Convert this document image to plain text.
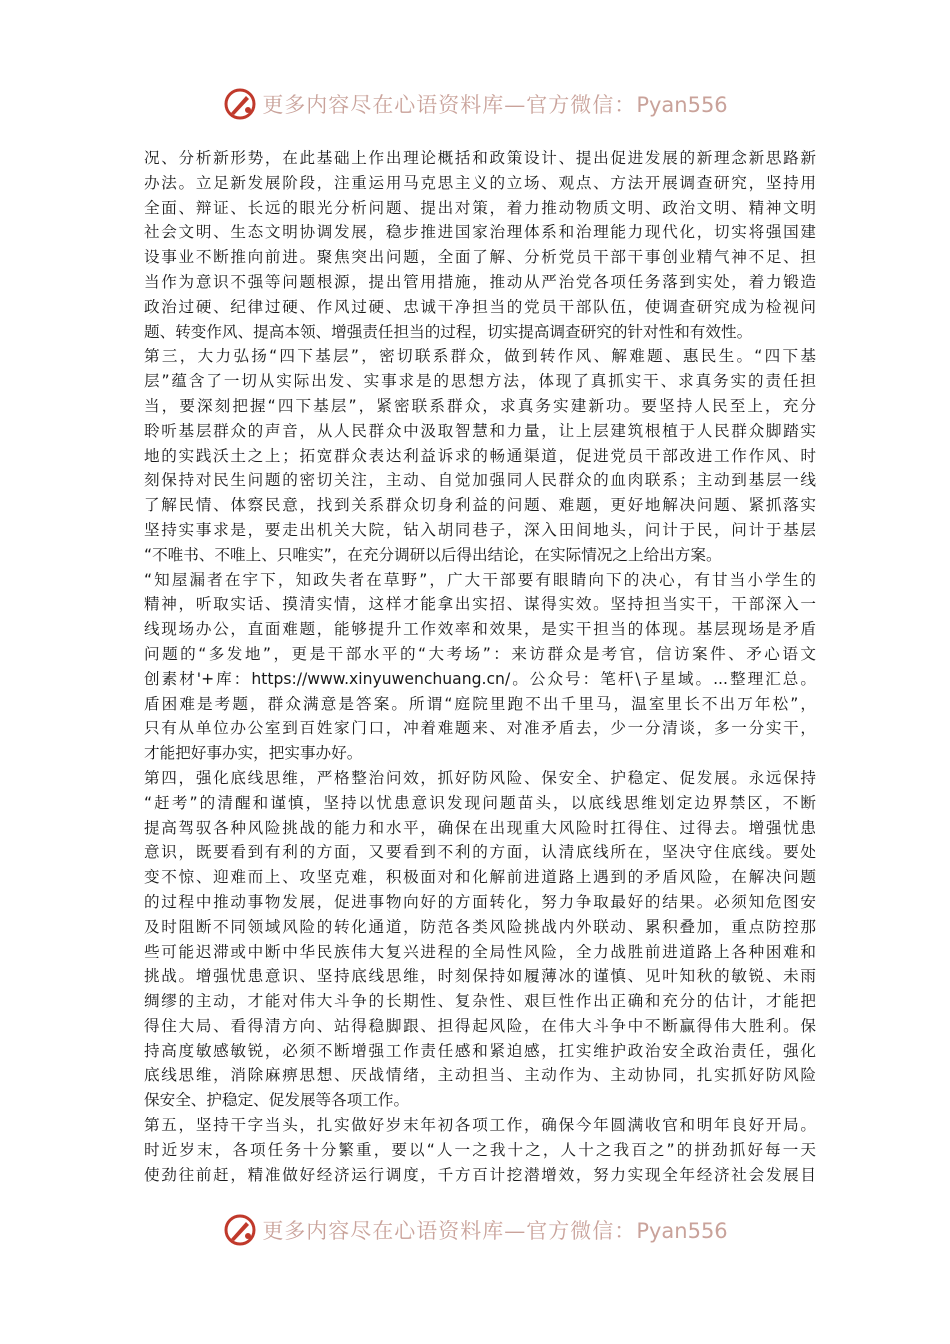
更多内容尽在心语资料库—官方微信：Pyan556
况、分析新形势，在此基础上作出理论概括和政策设计、提出促进发展的新理念新思路新
办法。立足新发展阶段，注重运用马克思主义的立场、观点、方法开展调查研究，坚持用
全面、辩证、长远的眼光分析问题、提出对策，着力推动物质文明、政治文明、精神文明
社会文明、生态文明协调发展，稳步推进国家治理体系和治理能力现代化，切实将强国建
设事业不断推向前进。聚焦突出问题，全面了解、分析党员干部干事创业精气神不足、担
当作为意识不强等问题根源，提出管用措施，推动从严治党各项任务落到实处，着力锻造
政治过硬、纪律过硬、作风过硬、忠诚干净担当的党员干部队伍，使调查研究成为检视问
题、转变作风、提高本领、增强责任担当的过程，切实提高调查研究的针对性和有效性。
第三，大力弘扬“四下基层”，密切联系群众，做到转作风、解难题、惠民生。“四下基
层”蕴含了一切从实际出发、实事求是的思想方法，体现了真抓实干、求真务实的责任担
当，要深刻把握“四下基层”，紧密联系群众，求真务实建新功。要坚持人民至上，充分
聆听基层群众的声音，从人民群众中汲取智慧和力量，让上层建筑根植于人民群众脚踏实
地的实践沃土之上；拓宽群众表达利益诉求的畅通渠道，促进党员干部改进工作作风、时
刻保持对民生问题的密切关注，主动、自觉加强同人民群众的血肉联系；主动到基层一线
了解民情、体察民意，找到关系群众切身利益的问题、难题，更好地解决问题、紧抓落实
坚持实事求是，要走出机关大院，钻入胡同巷子，深入田间地头，问计于民，问计于基层
“不唯书、不唯上、只唯实”，在充分调研以后得出结论，在实际情况之上给出方案。
“知屋漏者在宇下，知政失者在草野”，广大干部要有眼睛向下的决心，有甘当小学生的
精神，听取实话、摸清实情，这样才能拿出实招、谋得实效。坚持担当实干，干部深入一
线现场办公，直面难题，能够提升工作效率和效果，是实干担当的体现。基层现场是矛盾
问题的“多发地”，更是干部水平的“大考场”：来访群众是考官，信访案件、矛心语文
创素材'+库：https://www.xinyuwenchuang.cn/。公众号：笔杆\子星域。...整理汇总。
盾困难是考题，群众满意是答案。所谓“庭院里跑不出千里马，温室里长不出万年松”，
只有从单位办公室到百姓家门口，冲着难题来、对准矛盾去，少一分清谈，多一分实干，
才能把好事办实，把实事办好。
第四，强化底线思维，严格整治问效，抓好防风险、保安全、护稳定、促发展。永远保持
“赶考”的清醒和谨慎，坚持以忧患意识发现问题苗头，以底线思维划定边界禁区，不断
提高驾驭各种风险挑战的能力和水平，确保在出现重大风险时扛得住、过得去。增强忧患
意识，既要看到有利的方面，又要看到不利的方面，认清底线所在，坚决守住底线。要处
变不惊、迎难而上、攻坚克难，积极面对和化解前进道路上遇到的矛盾风险，在解决问题
的过程中推动事物发展，促进事物向好的方面转化，努力争取最好的结果。必须知危图安
及时阻断不同领域风险的转化通道，防范各类风险挑战内外联动、累积叠加，重点防控那
些可能迟滞或中断中华民族伟大复兴进程的全局性风险，全力战胜前进道路上各种困难和
挑战。增强忧患意识、坚持底线思维，时刻保持如履薄冰的谨慎、见叶知秋的敏锐、未雨
绸缪的主动，才能对伟大斗争的长期性、复杂性、艰巨性作出正确和充分的估计，才能把
得住大局、看得清方向、站得稳脚跟、担得起风险，在伟大斗争中不断赢得伟大胜利。保
持高度敏感敏锐，必须不断增强工作责任感和紧迫感，扛实维护政治安全政治责任，强化
底线思维，消除麻痹思想、厌战情绪，主动担当、主动作为、主动协同，扎实抓好防风险
保安全、护稳定、促发展等各项工作。
第五，坚持干字当头，扎实做好岁末年初各项工作，确保今年圆满收官和明年良好开局。
时近岁末，各项任务十分繁重，要以“人一之我十之，人十之我百之”的拼劲抓好每一天
使劲往前赶，精准做好经济运行调度，千方百计挖潜增效，努力实现全年经济社会发展目
更多内容尽在心语资料库—官方微信：Pyan556
